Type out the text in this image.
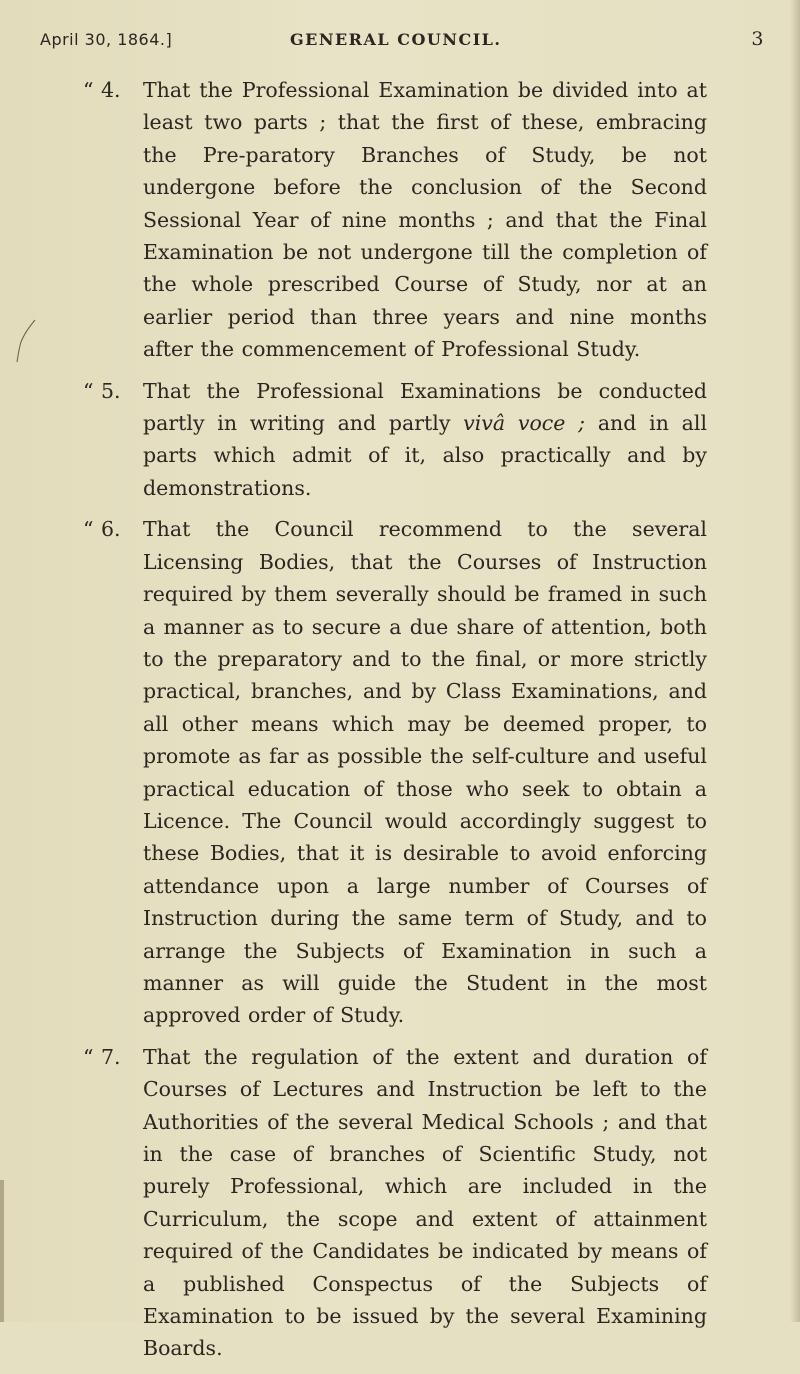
April 30, 1864.]	GENERAL COUNCIL.	3
“ 4.	That the Professional Examination be divided into at least two parts ; that the first of these, embracing the Pre-paratory Branches of Study, be not undergone before the conclusion of the Second Sessional Year of nine months ; and that the Final Examination be not undergone till the completion of the whole prescribed Course of Study, nor at an earlier period than three years and nine months after the commencement of Professional Study.
“ 5.	That the Professional Examinations be conducted partly in writing and partly vivâ voce ; and in all parts which admit of it, also practically and by demonstrations.
“ 6.	That the Council recommend to the several Licensing Bodies, that the Courses of Instruction required by them severally should be framed in such a manner as to secure a due share of attention, both to the preparatory and to the final, or more strictly practical, branches, and by Class Examinations, and all other means which may be deemed proper, to promote as far as possible the self-culture and useful practical education of those who seek to obtain a Licence. The Council would accordingly suggest to these Bodies, that it is desirable to avoid enforcing attendance upon a large number of Courses of Instruction during the same term of Study, and to arrange the Subjects of Examination in such a manner as will guide the Student in the most approved order of Study.
“ 7.	That the regulation of the extent and duration of Courses of Lectures and Instruction be left to the Authorities of the several Medical Schools ; and that in the case of branches of Scientific Study, not purely Professional, which are included in the Curriculum, the scope and extent of attainment required of the Candidates be indicated by means of a published Conspectus of the Subjects of Examination to be issued by the several Examining Boards.
